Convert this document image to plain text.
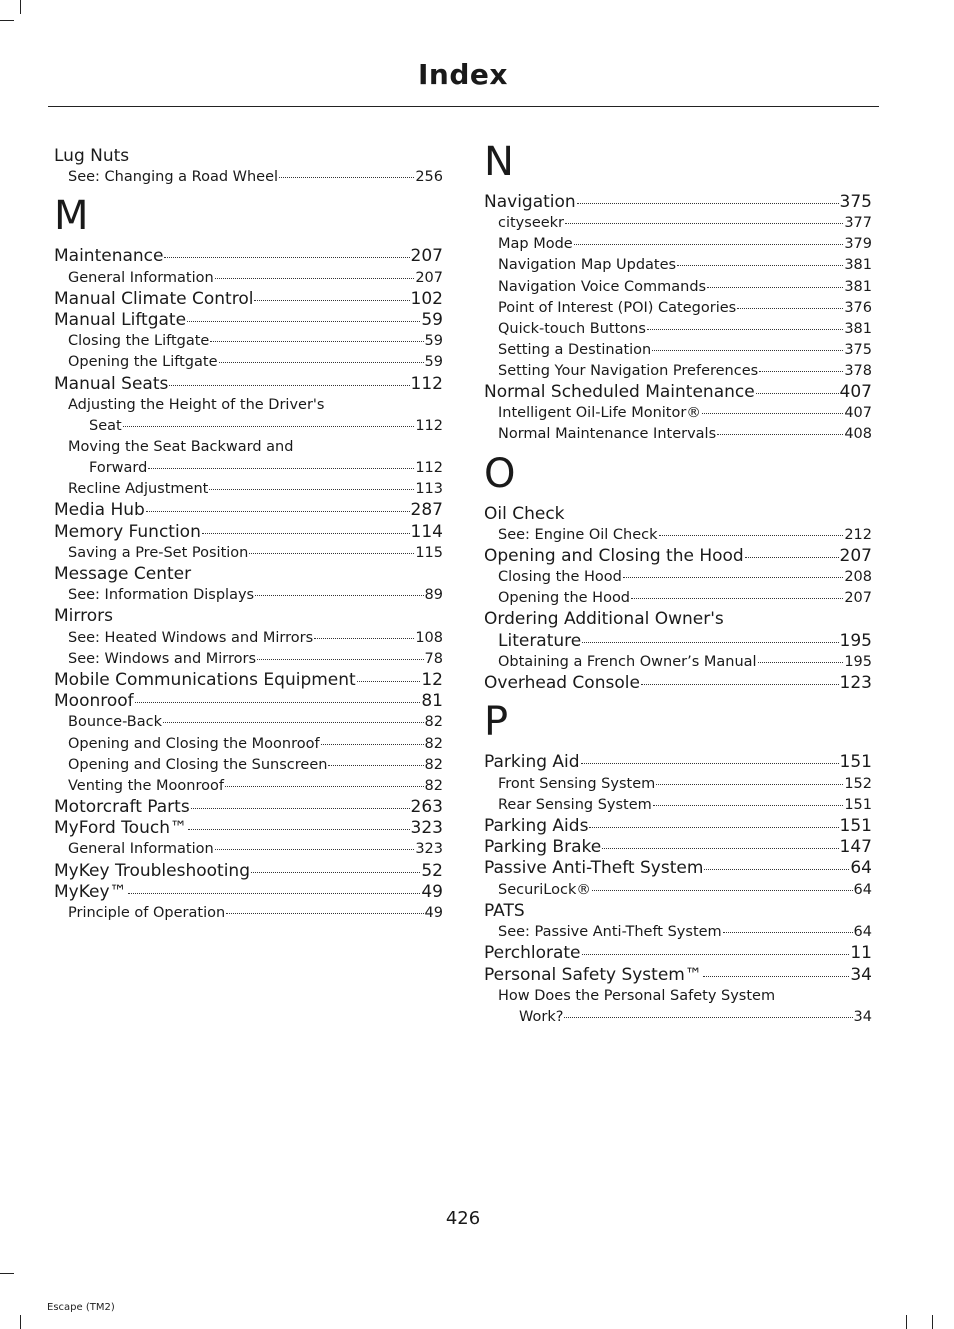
Index
Lug Nuts
See: Changing a Road Wheel	256
M
Maintenance	207
General Information	207
Manual Climate Control	102
Manual Liftgate	59
Closing the Liftgate	59
Opening the Liftgate	59
Manual Seats	112
Adjusting the Height of the Driver's
Seat	112
Moving the Seat Backward and
Forward	112
Recline Adjustment	113
Media Hub	287
Memory Function	114
Saving a Pre-Set Position	115
Message Center
See: Information Displays	89
Mirrors
See: Heated Windows and Mirrors	108
See: Windows and Mirrors	78
Mobile Communications Equipment	12
Moonroof	81
Bounce-Back	82
Opening and Closing the Moonroof	82
Opening and Closing the Sunscreen	82
Venting the Moonroof	82
Motorcraft Parts	263
MyFord Touch™	323
General Information	323
MyKey Troubleshooting	52
MyKey™	49
Principle of Operation	49
N
Navigation	375
cityseekr	377
Map Mode	379
Navigation Map Updates	381
Navigation Voice Commands	381
Point of Interest (POI) Categories	376
Quick-touch Buttons	381
Setting a Destination	375
Setting Your Navigation Preferences	378
Normal Scheduled Maintenance	407
Intelligent Oil-Life Monitor®	407
Normal Maintenance Intervals	408
O
Oil Check
See: Engine Oil Check	212
Opening and Closing the Hood	207
Closing the Hood	208
Opening the Hood	207
Ordering Additional Owner's
Literature	195
Obtaining a French Owner’s Manual	195
Overhead Console	123
P
Parking Aid	151
Front Sensing System	152
Rear Sensing System	151
Parking Aids	151
Parking Brake	147
Passive Anti-Theft System	64
SecuriLock®	64
PATS
See: Passive Anti-Theft System	64
Perchlorate	11
Personal Safety System™	34
How Does the Personal Safety System
Work?	34
426
Escape (TM2)
